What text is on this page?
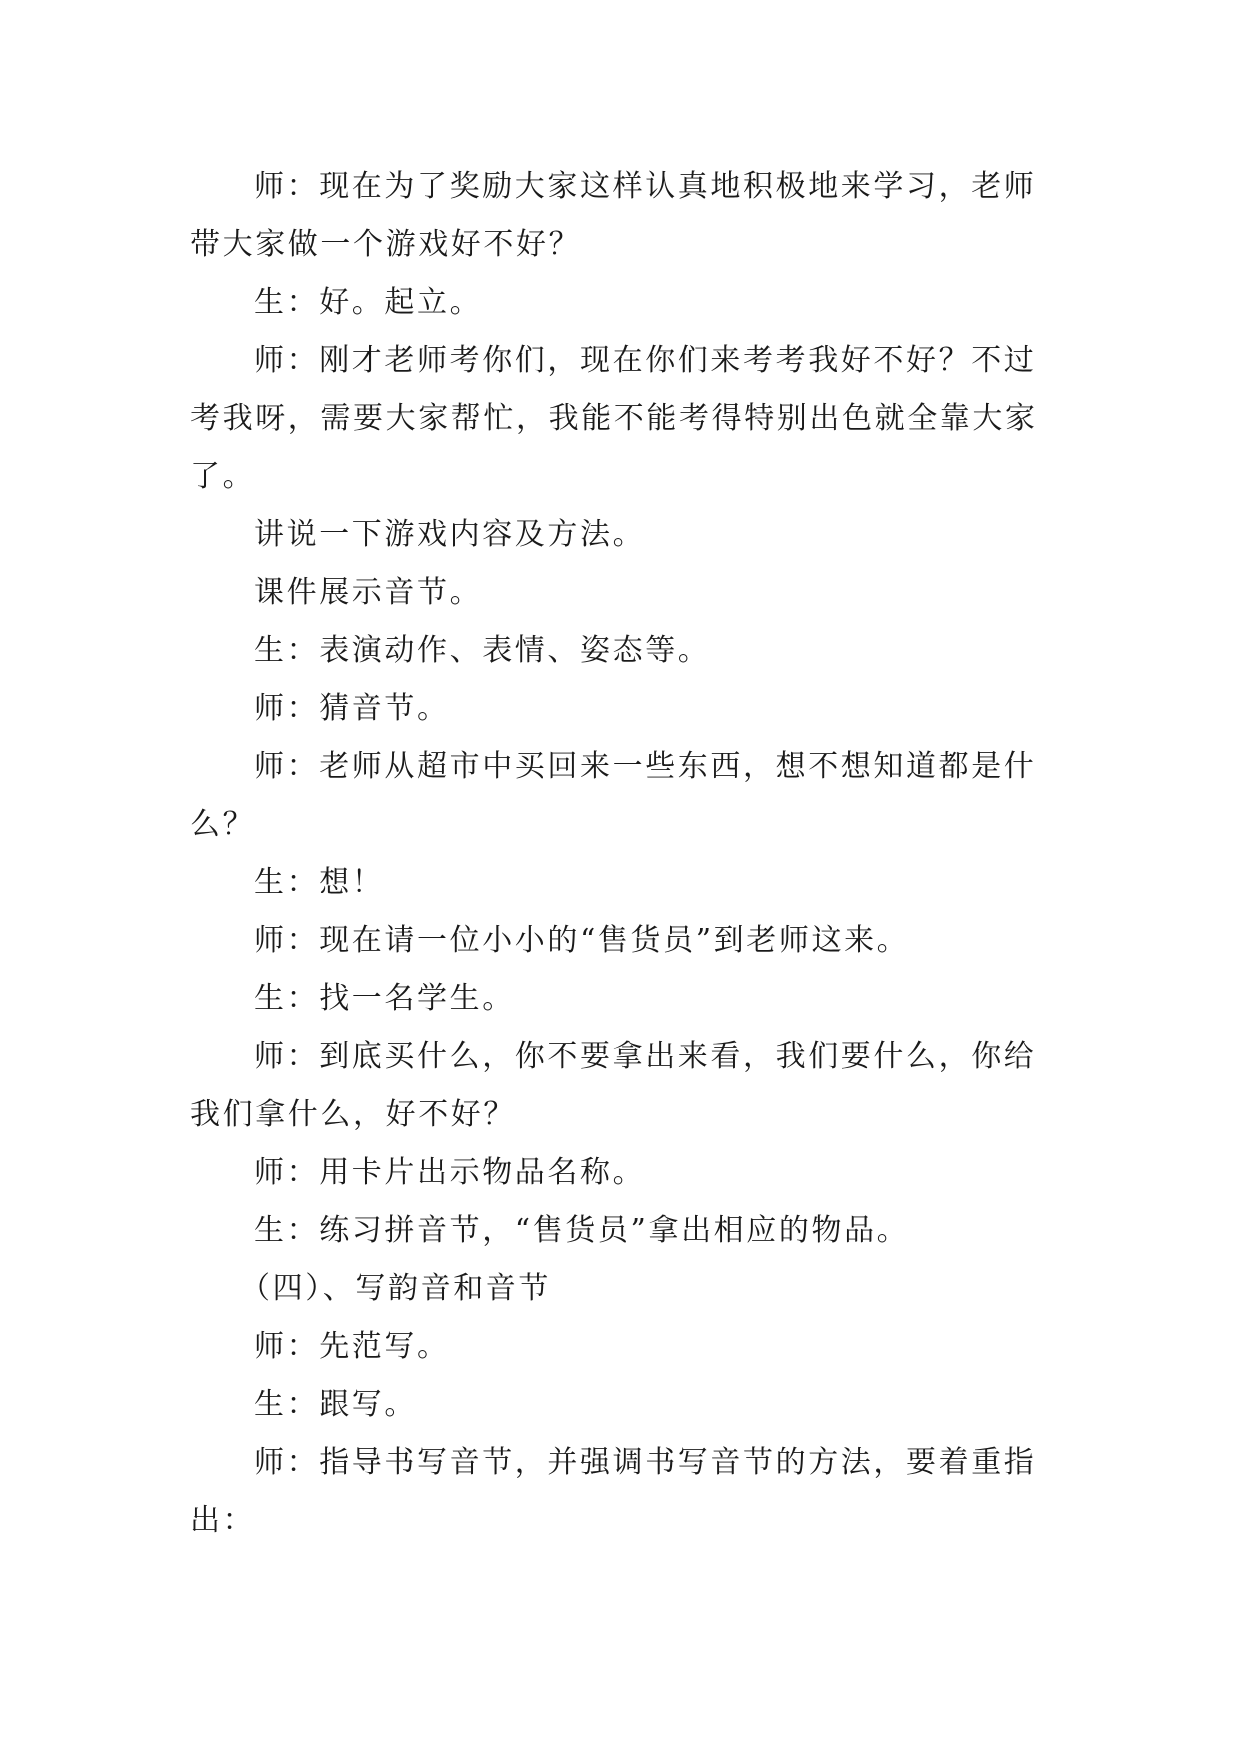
师：现在为了奖励大家这样认真地积极地来学习，老师带大家做一个游戏好不好？

生：好。起立。

师：刚才老师考你们，现在你们来考考我好不好？不过考我呀，需要大家帮忙，我能不能考得特别出色就全靠大家了。

讲说一下游戏内容及方法。

课件展示音节。

生：表演动作、表情、姿态等。

师：猜音节。

师：老师从超市中买回来一些东西，想不想知道都是什么？

生：想！

师：现在请一位小小的“售货员”到老师这来。

生：找一名学生。

师：到底买什么，你不要拿出来看，我们要什么，你给我们拿什么，好不好？

师：用卡片出示物品名称。

生：练习拼音节，“售货员”拿出相应的物品。

（四）、写韵音和音节

师：先范写。

生：跟写。

师：指导书写音节，并强调书写音节的方法，要着重指出：
